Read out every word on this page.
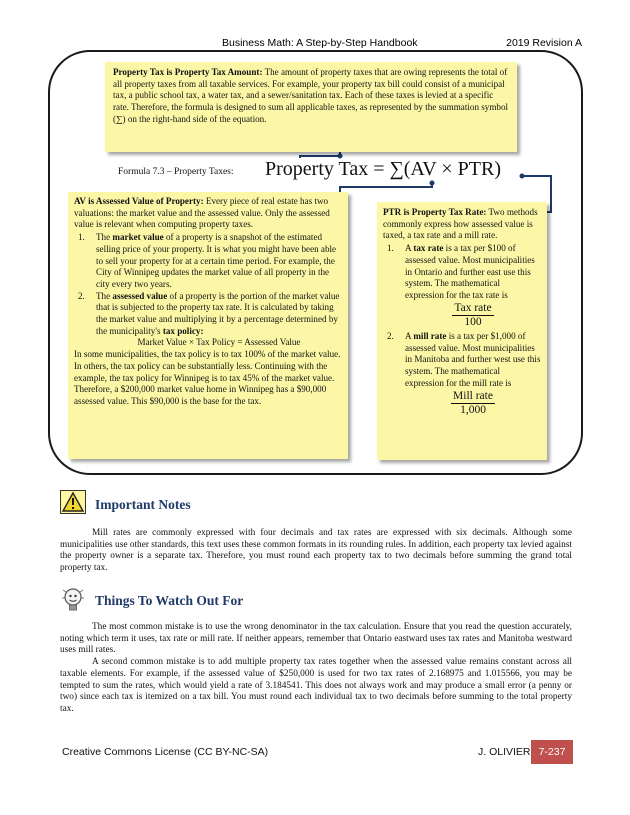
Business Math: A Step-by-Step Handbook	2019 Revision A
Property Tax is Property Tax Amount: The amount of property taxes that are owing represents the total of all property taxes from all taxable services. For example, your property tax bill could consist of a municipal tax, a public school tax, a water tax, and a sewer/sanitation tax. Each of these taxes is levied at a specific rate. Therefore, the formula is designed to sum all applicable taxes, as represented by the summation symbol (∑) on the right-hand side of the equation.
Formula 7.3 – Property Taxes: Property Tax = ∑(AV × PTR)
AV is Assessed Value of Property: Every piece of real estate has two valuations: the market value and the assessed value. Only the assessed value is relevant when computing property taxes.
1. The market value of a property is a snapshot of the estimated selling price of your property. It is what you might have been able to sell your property for at a certain time period. For example, the City of Winnipeg updates the market value of all property in the city every two years.
2. The assessed value of a property is the portion of the market value that is subjected to the property tax rate. It is calculated by taking the market value and multiplying it by a percentage determined by the municipality's tax policy:
Market Value × Tax Policy = Assessed Value
In some municipalities, the tax policy is to tax 100% of the market value. In others, the tax policy can be substantially less. Continuing with the example, the tax policy for Winnipeg is to tax 45% of the market value. Therefore, a $200,000 market value home in Winnipeg has a $90,000 assessed value. This $90,000 is the base for the tax.
PTR is Property Tax Rate: Two methods commonly express how assessed value is taxed, a tax rate and a mill rate.
1. A tax rate is a tax per $100 of assessed value. Most municipalities in Ontario and further east use this system. The mathematical expression for the tax rate is
Tax rate
100
2. A mill rate is a tax per $1,000 of assessed value. Most municipalities in Manitoba and further west use this system. The mathematical expression for the mill rate is
Mill rate
1,000
Important Notes

Mill rates are commonly expressed with four decimals and tax rates are expressed with six decimals. Although some municipalities use other standards, this text uses these common formats in its rounding rules. In addition, each property tax levied against the property owner is a separate tax. Therefore, you must round each property tax to two decimals before summing the grand total property tax.

Things To Watch Out For

The most common mistake is to use the wrong denominator in the tax calculation. Ensure that you read the question accurately, noting which term it uses, tax rate or mill rate. If neither appears, remember that Ontario eastward uses tax rates and Manitoba westward uses mill rates.

A second common mistake is to add multiple property tax rates together when the assessed value remains constant across all taxable elements. For example, if the assessed value of $250,000 is used for two tax rates of 2.168975 and 1.015566, you may be tempted to sum the rates, which would yield a rate of 3.184541. This does not always work and may produce a small error (a penny or two) since each tax is itemized on a tax bill. You must round each individual tax to two decimals before summing to the total property tax.

Creative Commons License (CC BY-NC-SA)	J. OLIVIER 7-237
